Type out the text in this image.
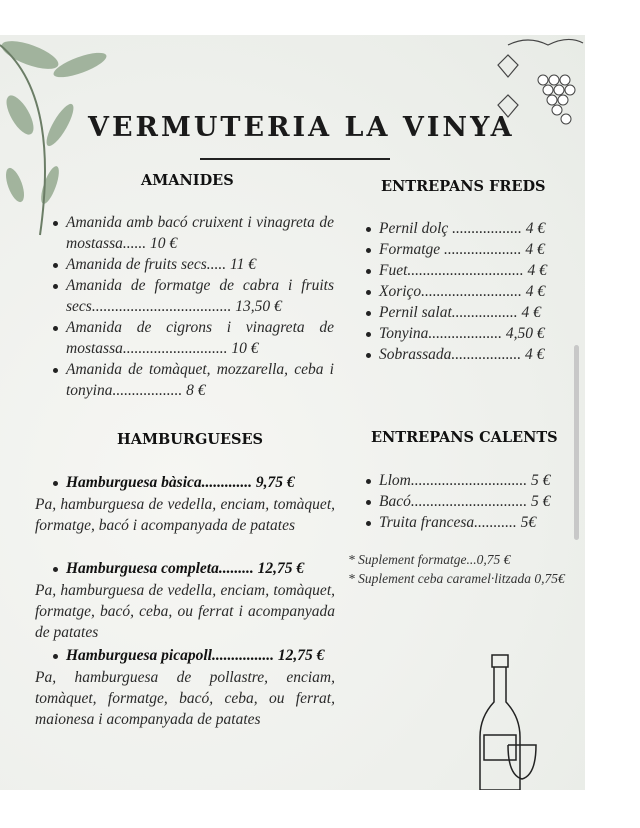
VERMUTERIA LA VINYA
AMANIDES
Amanida amb bacó cruixent i vinagreta de mostassa...... 10 €
Amanida de fruits secs..... 11 €
Amanida de formatge de cabra i fruits secs.................................... 13,50 €
Amanida de cigrons i vinagreta de mostassa........................... 10 €
Amanida de tomàquet, mozzarella, ceba i tonyina.................. 8 €
ENTREPANS FREDS
Pernil dolç .................. 4 €
Formatge .................... 4 €
Fuet.............................. 4 €
Xoriço.......................... 4 €
Pernil salat................. 4 €
Tonyina................... 4,50 €
Sobrassada.................. 4 €
HAMBURGUESES
Hamburguesa bàsica............. 9,75 €
Pa, hamburguesa de vedella, enciam, tomàquet, formatge, bacó i acompanyada de patates
Hamburguesa completa......... 12,75 €
Pa, hamburguesa de vedella, enciam, tomàquet, formatge, bacó, ceba, ou ferrat i acompanyada de patates
Hamburguesa picapoll................ 12,75 €
Pa, hamburguesa de pollastre, enciam, tomàquet, formatge, bacó, ceba, ou ferrat, maionesa i acompanyada de patates
ENTREPANS CALENTS
Llom.............................. 5 €
Bacó.............................. 5 €
Truita francesa........... 5€
* Suplement formatge...0,75 €
* Suplement ceba caramel·litzada 0,75€
